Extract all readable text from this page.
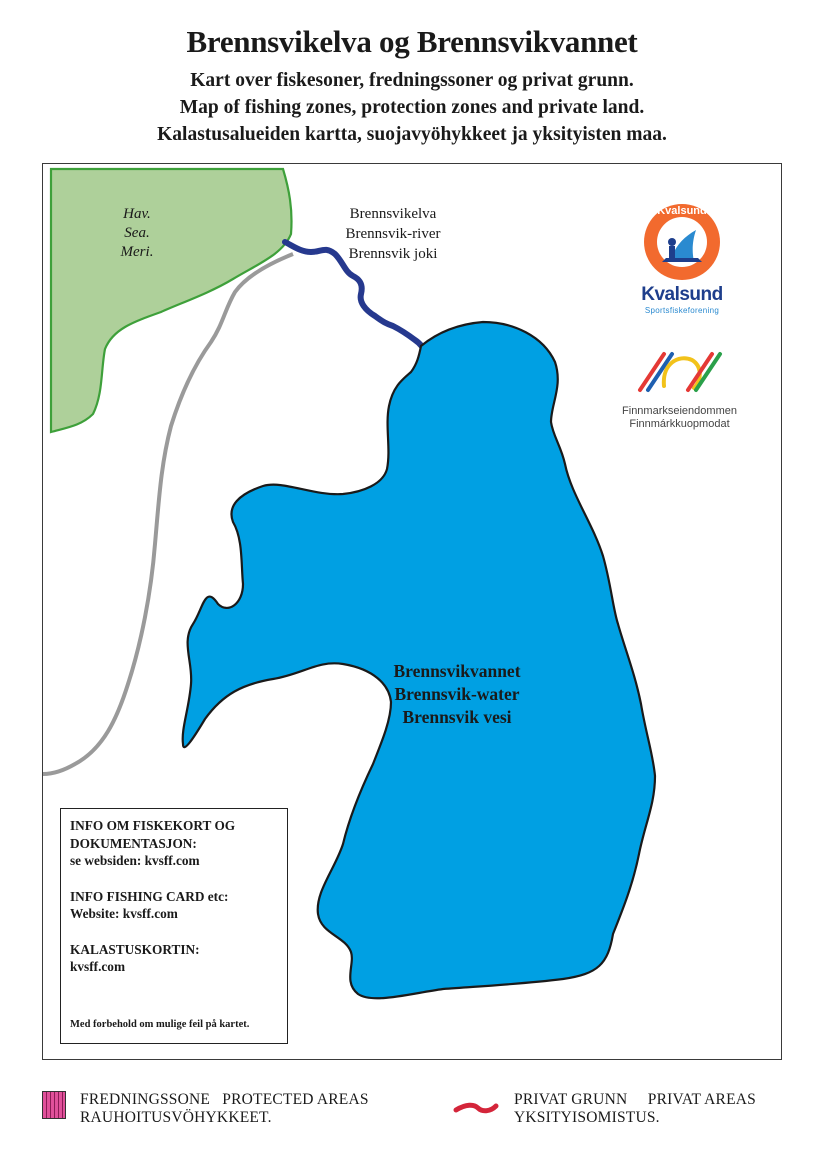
Brennsvikelva og Brennsvikvannet
Kart over fiskesoner, fredningssoner og privat grunn.
Map of fishing zones, protection zones and private land.
Kalastusalueiden kartta, suojavyöhykkeet ja yksityisten maa.
Hav.
Sea.
Meri.
Brennsvikelva
Brennsvik-river
Brennsvik joki
Brennsvikvannet
Brennsvik-water
Brennsvik vesi
Kvalsund
Kvalsund
Sportsfiskeforening
Finnmarkseiendommen
Finnmárkkuopmodat

INFO OM FISKEKORT OG
DOKUMENTASJON:
se websiden: kvsff.com

INFO FISHING CARD etc:
Website: kvsff.com

KALASTUSKORTIN:
kvsff.com

Med forbehold om mulige feil på kartet.

FREDNINGSSONE   PROTECTED AREAS
RAUHOITUSVÖHYKKEET.
PRIVAT GRUNN     PRIVAT AREAS
YKSITYISOMISTUS.
